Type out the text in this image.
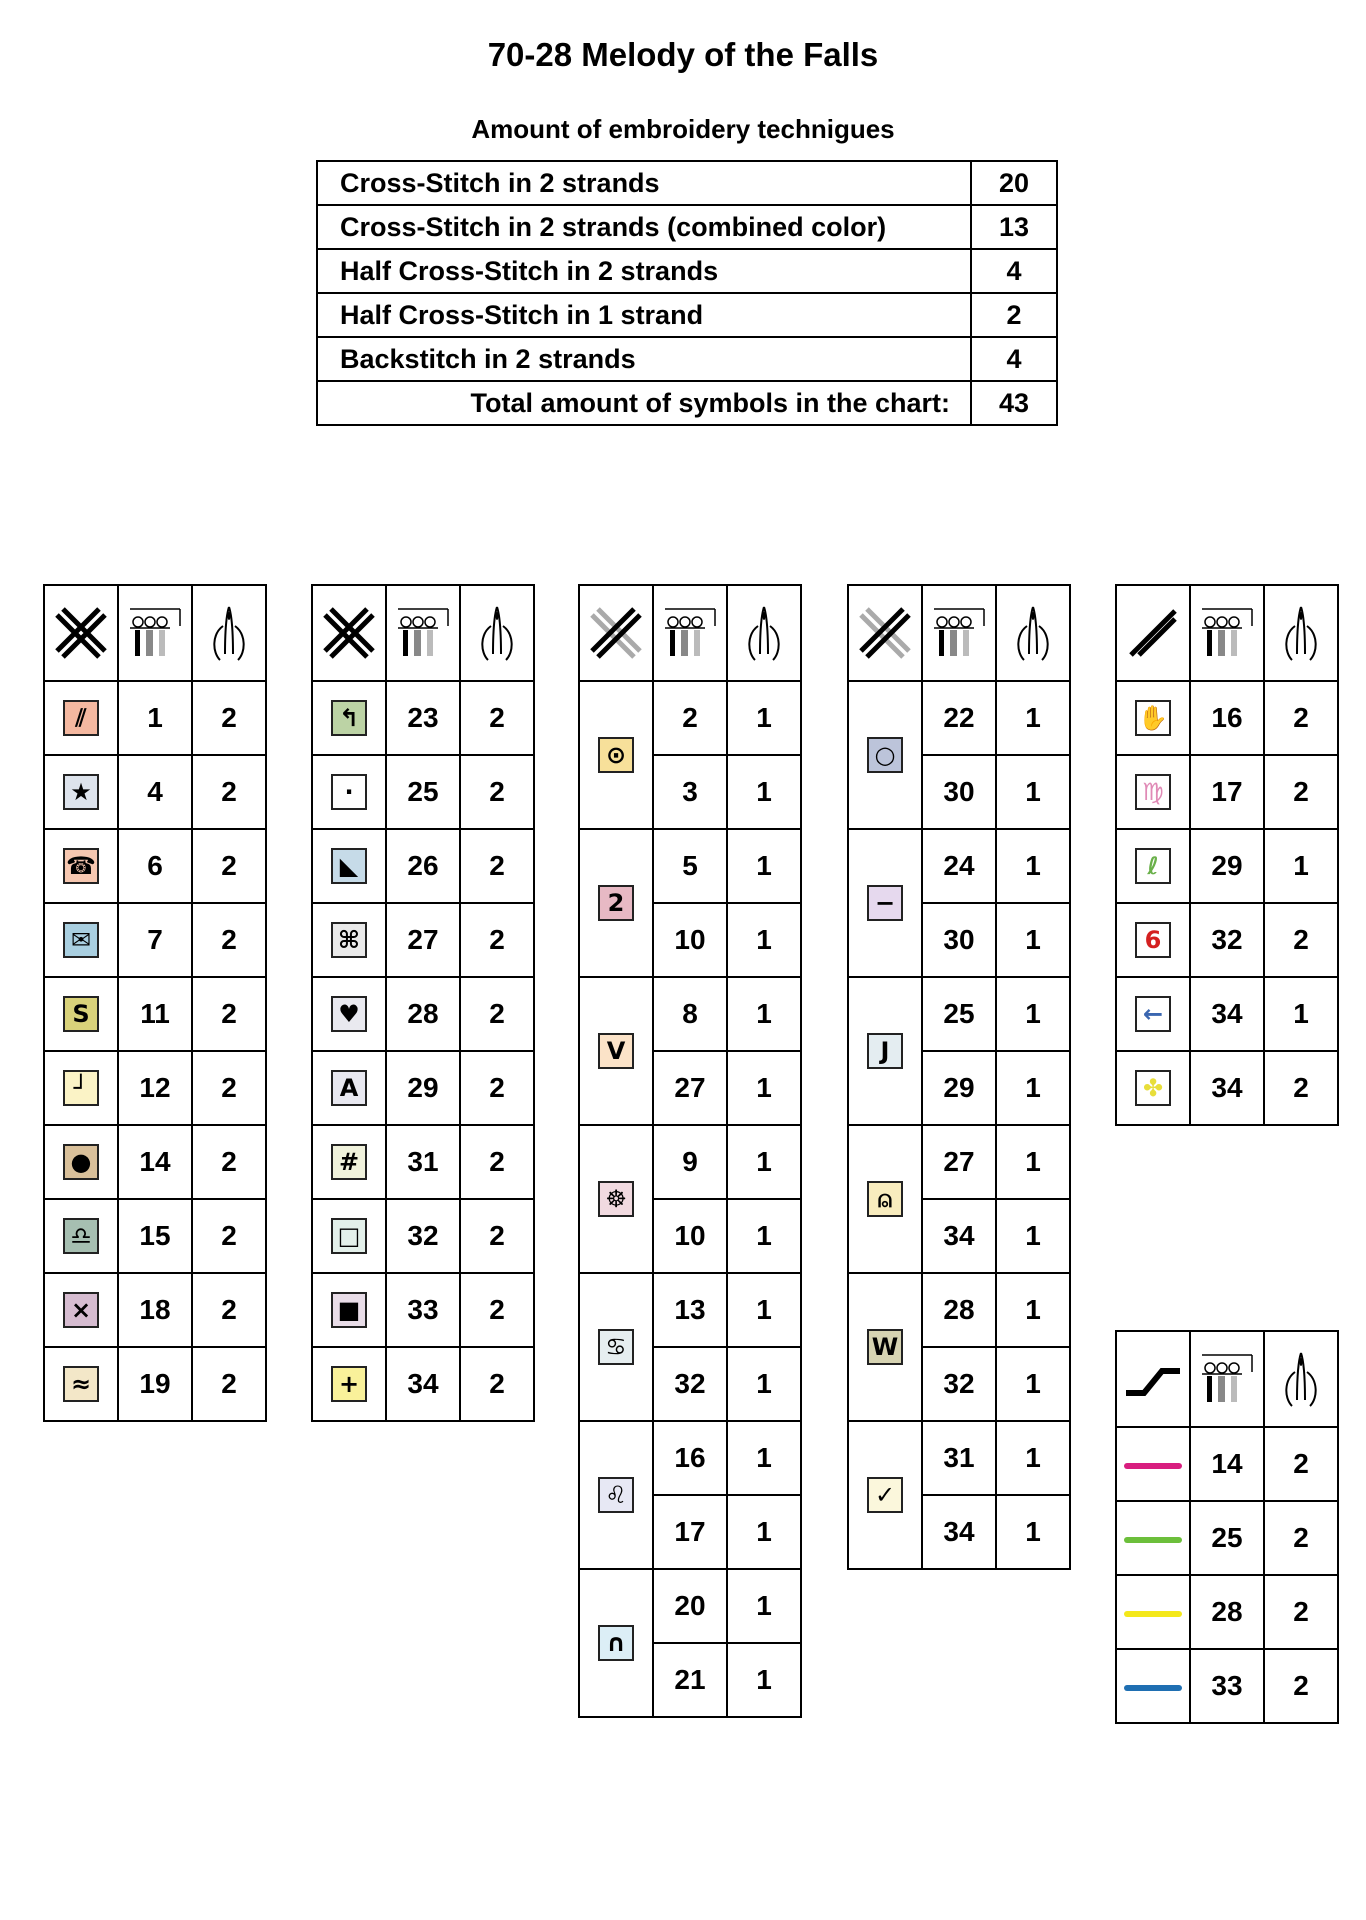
70-28 Melody of the Falls
Amount of embroidery technigues
Cross-Stitch in 2 strands	20
Cross-Stitch in 2 strands (combined color)	13
Half Cross-Stitch in 2 strands	4
Half Cross-Stitch in 1 strand	2
Backstitch in 2 strands	4
Total amount of symbols in the chart:	43

⫽	1	2
★	4	2
☎	6	2
✉	7	2
S	11	2
┘	12	2
●	14	2
♎	15	2
×	18	2
≈	19	2

↰	23	2
·	25	2
◣	26	2
⌘	27	2
♥	28	2
A	29	2
#	31	2
□	32	2
■	33	2
+	34	2

⊙	2	1
	3	1
2	5	1
	10	1
V	8	1
	27	1
☸	9	1
	10	1
♋	13	1
	32	1
♌	16	1
	17	1
∩	20	1
	21	1

○	22	1
	30	1
−	24	1
	30	1
J	25	1
	29	1
⍝	27	1
	34	1
W	28	1
	32	1
✓	31	1
	34	1

✋	16	2
♍	17	2
ℓ	29	1
6	32	2
←	34	1
✤	34	2

	14	2
	25	2
	28	2
	33	2
